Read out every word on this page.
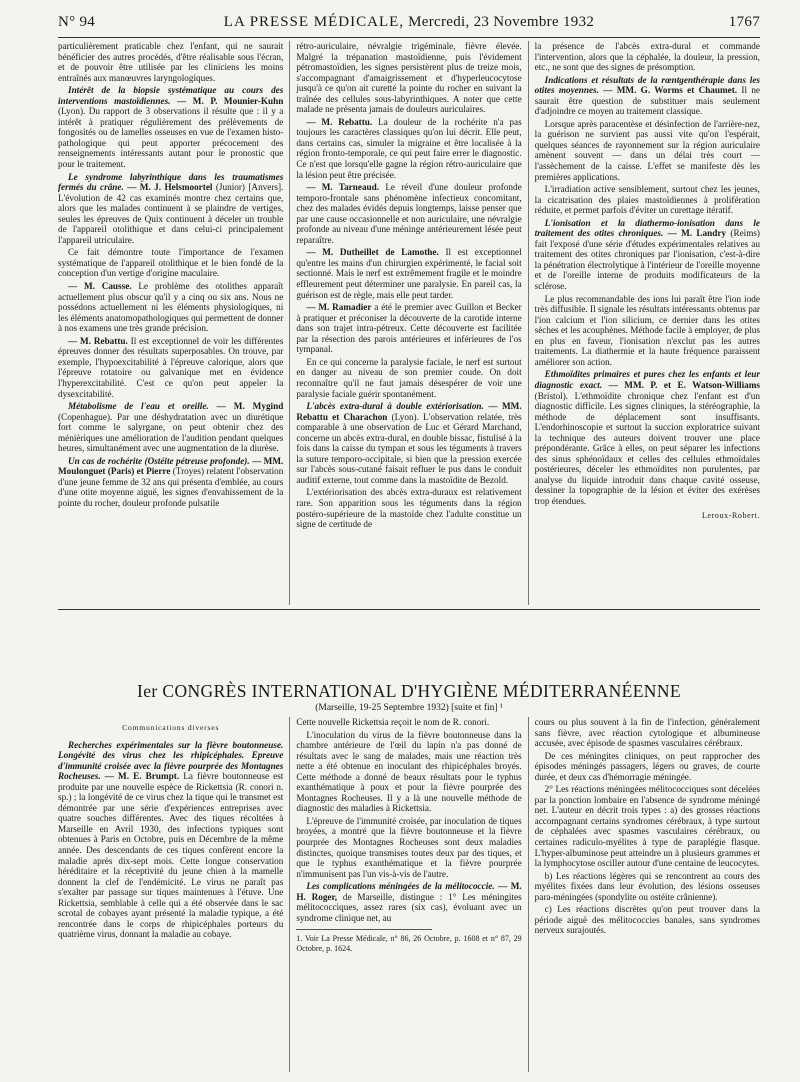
N° 94	LA PRESSE MÉDICALE, Mercredi, 23 Novembre 1932	1767

particulièrement praticable chez l'enfant, qui ne saurait bénéficier des autres procédés, d'être réalisable sous l'écran, et de pouvoir être utilisée par les cliniciens les moins entraînés aux manœuvres laryngologiques.

Intérêt de la biopsie systématique au cours des interventions mastoïdiennes. — M. P. Mounier-Kuhn (Lyon). Du rapport de 3 observations il résulte que : il y a intérêt à pratiquer régulièrement des prélèvements de fongosités ou de lamelles osseuses en vue de l'examen histo-pathologique qui peut apporter précocement des renseignements intéressants autant pour le pronostic que pour le traitement.

Le syndrome labyrinthique dans les traumatismes fermés du crâne. — M. J. Helsmoortel (Junior) [Anvers]. L'évolution de 42 cas examinés montre chez certains que, alors que les malades continuent à se plaindre de vertiges, seules les épreuves de Quix continuent à déceler un trouble de l'appareil otolithique et dans celui-ci principalement l'appareil utriculaire.

Ce fait démontre toute l'importance de l'examen systématique de l'appareil otolithique et le bien fondé de la conception d'un vertige d'origine maculaire.

— M. Causse. Le problème des otolithes apparaît actuellement plus obscur qu'il y a cinq ou six ans. Nous ne possédons actuellement ni les éléments physiologiques, ni les éléments anatomopathologiques qui permettent de donner à nos examens une très grande précision.

— M. Rebattu. Il est exceptionnel de voir les différentes épreuves donner des résultats superposables. On trouve, par exemple, l'hypoexcitabilité à l'épreuve calorique, alors que l'épreuve rotatoire ou galvanique met en évidence l'hyperexcitabilité. C'est ce qu'on peut appeler la dysexcitabilité.

Métabolisme de l'eau et oreille. — M. Mygind (Copenhague). Par une déshydratation avec un diurétique fort comme le salyrgane, on peut obtenir chez des ménièriques une amélioration de l'audition pendant quelques heures, simultanément avec une augmentation de la diurèse.

Un cas de rochérite (Ostéite pétreuse profonde). — MM. Moulonguet (Paris) et Pierre (Troyes) relatent l'observation d'une jeune femme de 32 ans qui présenta d'emblée, au cours d'une otite moyenne aiguë, les signes d'envahissement de la pointe du rocher, douleur profonde pulsatile

rétro-auriculaire, névralgie trigéminale, fièvre élevée. Malgré la trépanation mastoïdienne, puis l'évidement pétromastoïdien, les signes persistèrent plus de treize mois, s'accompagnant d'amaigrissement et d'hyperleucocytose jusqu'à ce qu'on ait curetté la pointe du rocher en suivant la traînée des cellules sous-labyrinthiques. A noter que cette malade ne présenta jamais de douleurs auriculaires.

— M. Rebattu. La douleur de la rochérite n'a pas toujours les caractères classiques qu'on lui décrit. Elle peut, dans certains cas, simuler la migraine et être localisée à la région fronto-temporale, ce qui peut faire errer le diagnostic. Ce n'est que lorsqu'elle gagne la région rétro-auriculaire que la lésion peut être précisée.

— M. Tarneaud. Le réveil d'une douleur profonde temporo-frontale sans phénomène infectieux concomitant, chez des malades évidés depuis longtemps, laisse penser que par une cause occasionnelle et non auriculaire, une névralgie profonde au niveau d'une méninge antérieurement lésée peut reparaître.

— M. Dutheillet de Lamothe. Il est exceptionnel qu'entre les mains d'un chirurgien expérimenté, le facial soit sectionné. Mais le nerf est extrêmement fragile et le moindre effleurement peut déterminer une paralysie. En pareil cas, la guérison est de règle, mais elle peut tarder.

— M. Ramadier a été le premier avec Guillon et Becker à pratiquer et préconiser la découverte de la carotide interne dans son trajet intra-pétreux. Cette découverte est facilitée par la résection des parois antérieures et inférieures de l'os tympanal.

En ce qui concerne la paralysie faciale, le nerf est surtout en danger au niveau de son premier coude. On doit reconnaître qu'il ne faut jamais désespérer de voir une paralysie faciale guérir spontanément.

L'abcès extra-dural à double extériorisation. — MM. Rebattu et Charachon (Lyon). L'observation relatée, très comparable à une observation de Luc et Gérard Marchand, concerne un abcès extra-dural, en double bissac, fistulisé à la fois dans la caisse du tympan et sous les téguments à travers la suture temporo-occipitale, si bien que la pression exercée sur l'abcès sous-cutané faisait refluer le pus dans le conduit auditif externe, tout comme dans la mastoïdite de Bezold.

L'extériorisation des abcès extra-duraux est relativement rare. Son apparition sous les téguments dans la région postéro-supérieure de la mastoïde chez l'adulte constitue un signe de certitude de

la présence de l'abcès extra-dural et commande l'intervention, alors que la céphalée, la douleur, la pression, etc., ne sont que des signes de présomption.

Indications et résultats de la rœntgenthérapie dans les otites moyennes. — MM. G. Worms et Chaumet. Il ne saurait être question de substituer mais seulement d'adjoindre ce moyen au traitement classique.

Lorsque après paracentèse et désinfection de l'arrière-nez, la guérison ne survient pas aussi vite qu'on l'espérait, quelques séances de rayonnement sur la région auriculaire amènent souvent — dans un délai très court — l'assèchement de la caisse. L'effet se manifeste dès les premières applications.

L'irradiation active sensiblement, surtout chez les jeunes, la cicatrisation des plaies mastoïdiennes à prolifération réduite, et permet parfois d'éviter un curettage itératif.

L'ionisation et la diathermo-ionisation dans le traitement des otites chroniques. — M. Landry (Reims) fait l'exposé d'une série d'études expérimentales relatives au traitement des otites chroniques par l'ionisation, c'est-à-dire la pénétration électrolytique à l'intérieur de l'oreille moyenne et de l'oreille interne de produits modificateurs de la sclérose.

Le plus recommandable des ions lui paraît être l'ion iode très diffusible. Il signale les résultats intéressants obtenus par l'ion calcium et l'ion silicium, ce dernier dans les otites sèches et les acouphènes. Méthode facile à employer, de plus en plus en faveur, l'ionisation n'exclut pas les autres traitements. La diathermie et la haute fréquence paraissent améliorer son action.

Ethmoïdites primaires et pures chez les enfants et leur diagnostic exact. — MM. P. et E. Watson-Williams (Bristol). L'ethmoïdite chronique chez l'enfant est d'un diagnostic difficile. Les signes cliniques, la stéréographie, la méthode de déplacement sont insuffisants. L'endorhinoscopie et surtout la succion exploratrice suivant la technique des auteurs doivent trouver une place prépondérante. Grâce à elles, on peut séparer les infections des sinus sphénoïdaux et celles des cellules ethmoïdales postérieures, déceler les ethmoïdites non purulentes, par analyse du liquide introduit dans chaque cavité osseuse, dessiner la topographie de la lésion et éviter des exérèses trop étendues.

Leroux-Robert.

Ier CONGRÈS INTERNATIONAL D'HYGIÈNE MÉDITERRANÉENNE

(Marseille, 19-25 Septembre 1932) [suite et fin] ¹

Communications diverses

Recherches expérimentales sur la fièvre boutonneuse. Longévité des virus chez les rhipicéphales. Epreuve d'immunité croisée avec la fièvre pourprée des Montagnes Rocheuses. — M. E. Brumpt. La fièvre boutonneuse est produite par une nouvelle espèce de Rickettsia (R. conori n. sp.) ; la longévité de ce virus chez la tique qui le transmet est démontrée par une série d'expériences entreprises avec quatre souches différentes. Avec des tiques récoltées à Marseille en Avril 1930, des infections typiques sont obtenues à Paris en Octobre, puis en Décembre de la même année. Des descendants de ces tiques confèrent encore la maladie après dix-sept mois. Cette longue conservation héréditaire et la réceptivité du jeune chien à la mamelle donnent la clef de l'endémicité. Le virus ne paraît pas s'exalter par passage sur tiques maintenues à l'étuve. Une Rickettsia, semblable à celle qui a été observée dans le sac scrotal de cobayes ayant présenté la maladie typique, a été rencontrée dans le corps de rhipicéphales porteurs du quatrième virus, donnant la maladie au cobaye.

Cette nouvelle Rickettsia reçoit le nom de R. conori.

L'inoculation du virus de la fièvre boutonneuse dans la chambre antérieure de l'œil du lapin n'a pas donné de résultats avec le sang de malades, mais une réaction très nette a été obtenue en inoculant des rhipicéphales broyés. Cette méthode a donné de beaux résultats pour le typhus exanthématique à poux et pour la fièvre pourprée des Montagnes Rocheuses. Il y a là une nouvelle méthode de diagnostic des maladies à Rickettsia.

L'épreuve de l'immunité croisée, par inoculation de tiques broyées, a montré que la fièvre boutonneuse et la fièvre pourprée des Montagnes Rocheuses sont deux maladies distinctes, quoique transmises toutes deux par des tiques, et que le typhus exanthématique et la fièvre pourprée n'immunisent pas l'un vis-à-vis de l'autre.

Les complications méningées de la mélitococcie. — M. H. Roger, de Marseille, distingue : 1° Les méningites mélitococciques, assez rares (six cas), évoluant avec un syndrome clinique net, au

1. Voir La Presse Médicale, n° 86, 26 Octobre, p. 1608 et n° 87, 29 Octobre, p. 1624.

cours ou plus souvent à la fin de l'infection, généralement sans fièvre, avec réaction cytologique et albumineuse accusée, avec épisode de spasmes vasculaires cérébraux.

De ces méningites cliniques, on peut rapprocher des épisodes méningés passagers, légers ou graves, de courte durée, et deux cas d'hémorragie méningée.

2° Les réactions méningées mélitococciques sont décelées par la ponction lombaire en l'absence de syndrome méningé net. L'auteur en décrit trois types : a) des grosses réactions accompagnant certains syndromes cérébraux, à type surtout de céphalées avec spasmes vasculaires cérébraux, ou certaines radiculo-myélites à type de paraplégie flasque. L'hyper-albuminose peut atteindre un à plusieurs grammes et la lymphocytose osciller autour d'une centaine de leucocytes.

b) Les réactions légères qui se rencontrent au cours des myélites fixées dans leur évolution, des lésions osseuses para-méningées (spondylite ou ostéite crânienne).

c) Les réactions discrètes qu'on peut trouver dans la période aiguë des mélitococcies banales, sans syndromes nerveux surajoutés.
